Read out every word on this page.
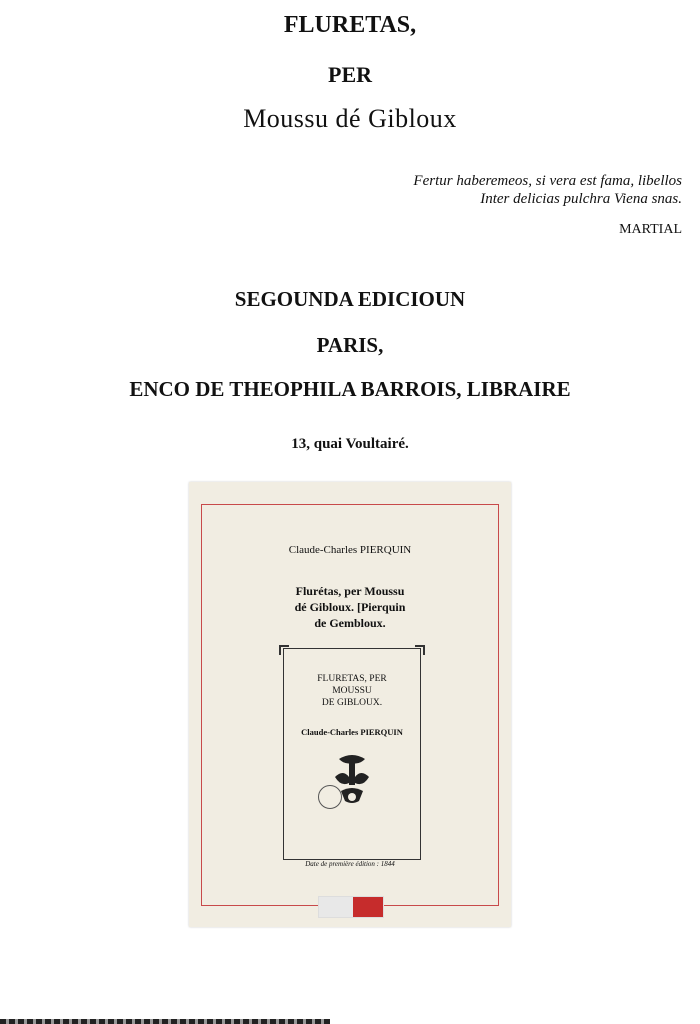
FLURETAS,
PER
Moussu dé Gibloux
Fertur haberemeos, si vera est fama, libellos
Inter delicias pulchra Viena snas.
MARTIAL
SEGOUNDA EDICIOUN
PARIS,
ENCO DE THEOPHILA BARROIS, LIBRAIRE
13, quai Voultairé.
Claude-Charles PIERQUIN
Flurétas, per Moussu
dé Gibloux. [Pierquin
de Gembloux.
FLURETAS, PER
MOUSSU
DE GIBLOUX.
Claude-Charles PIERQUIN
Date de première édition : 1844
